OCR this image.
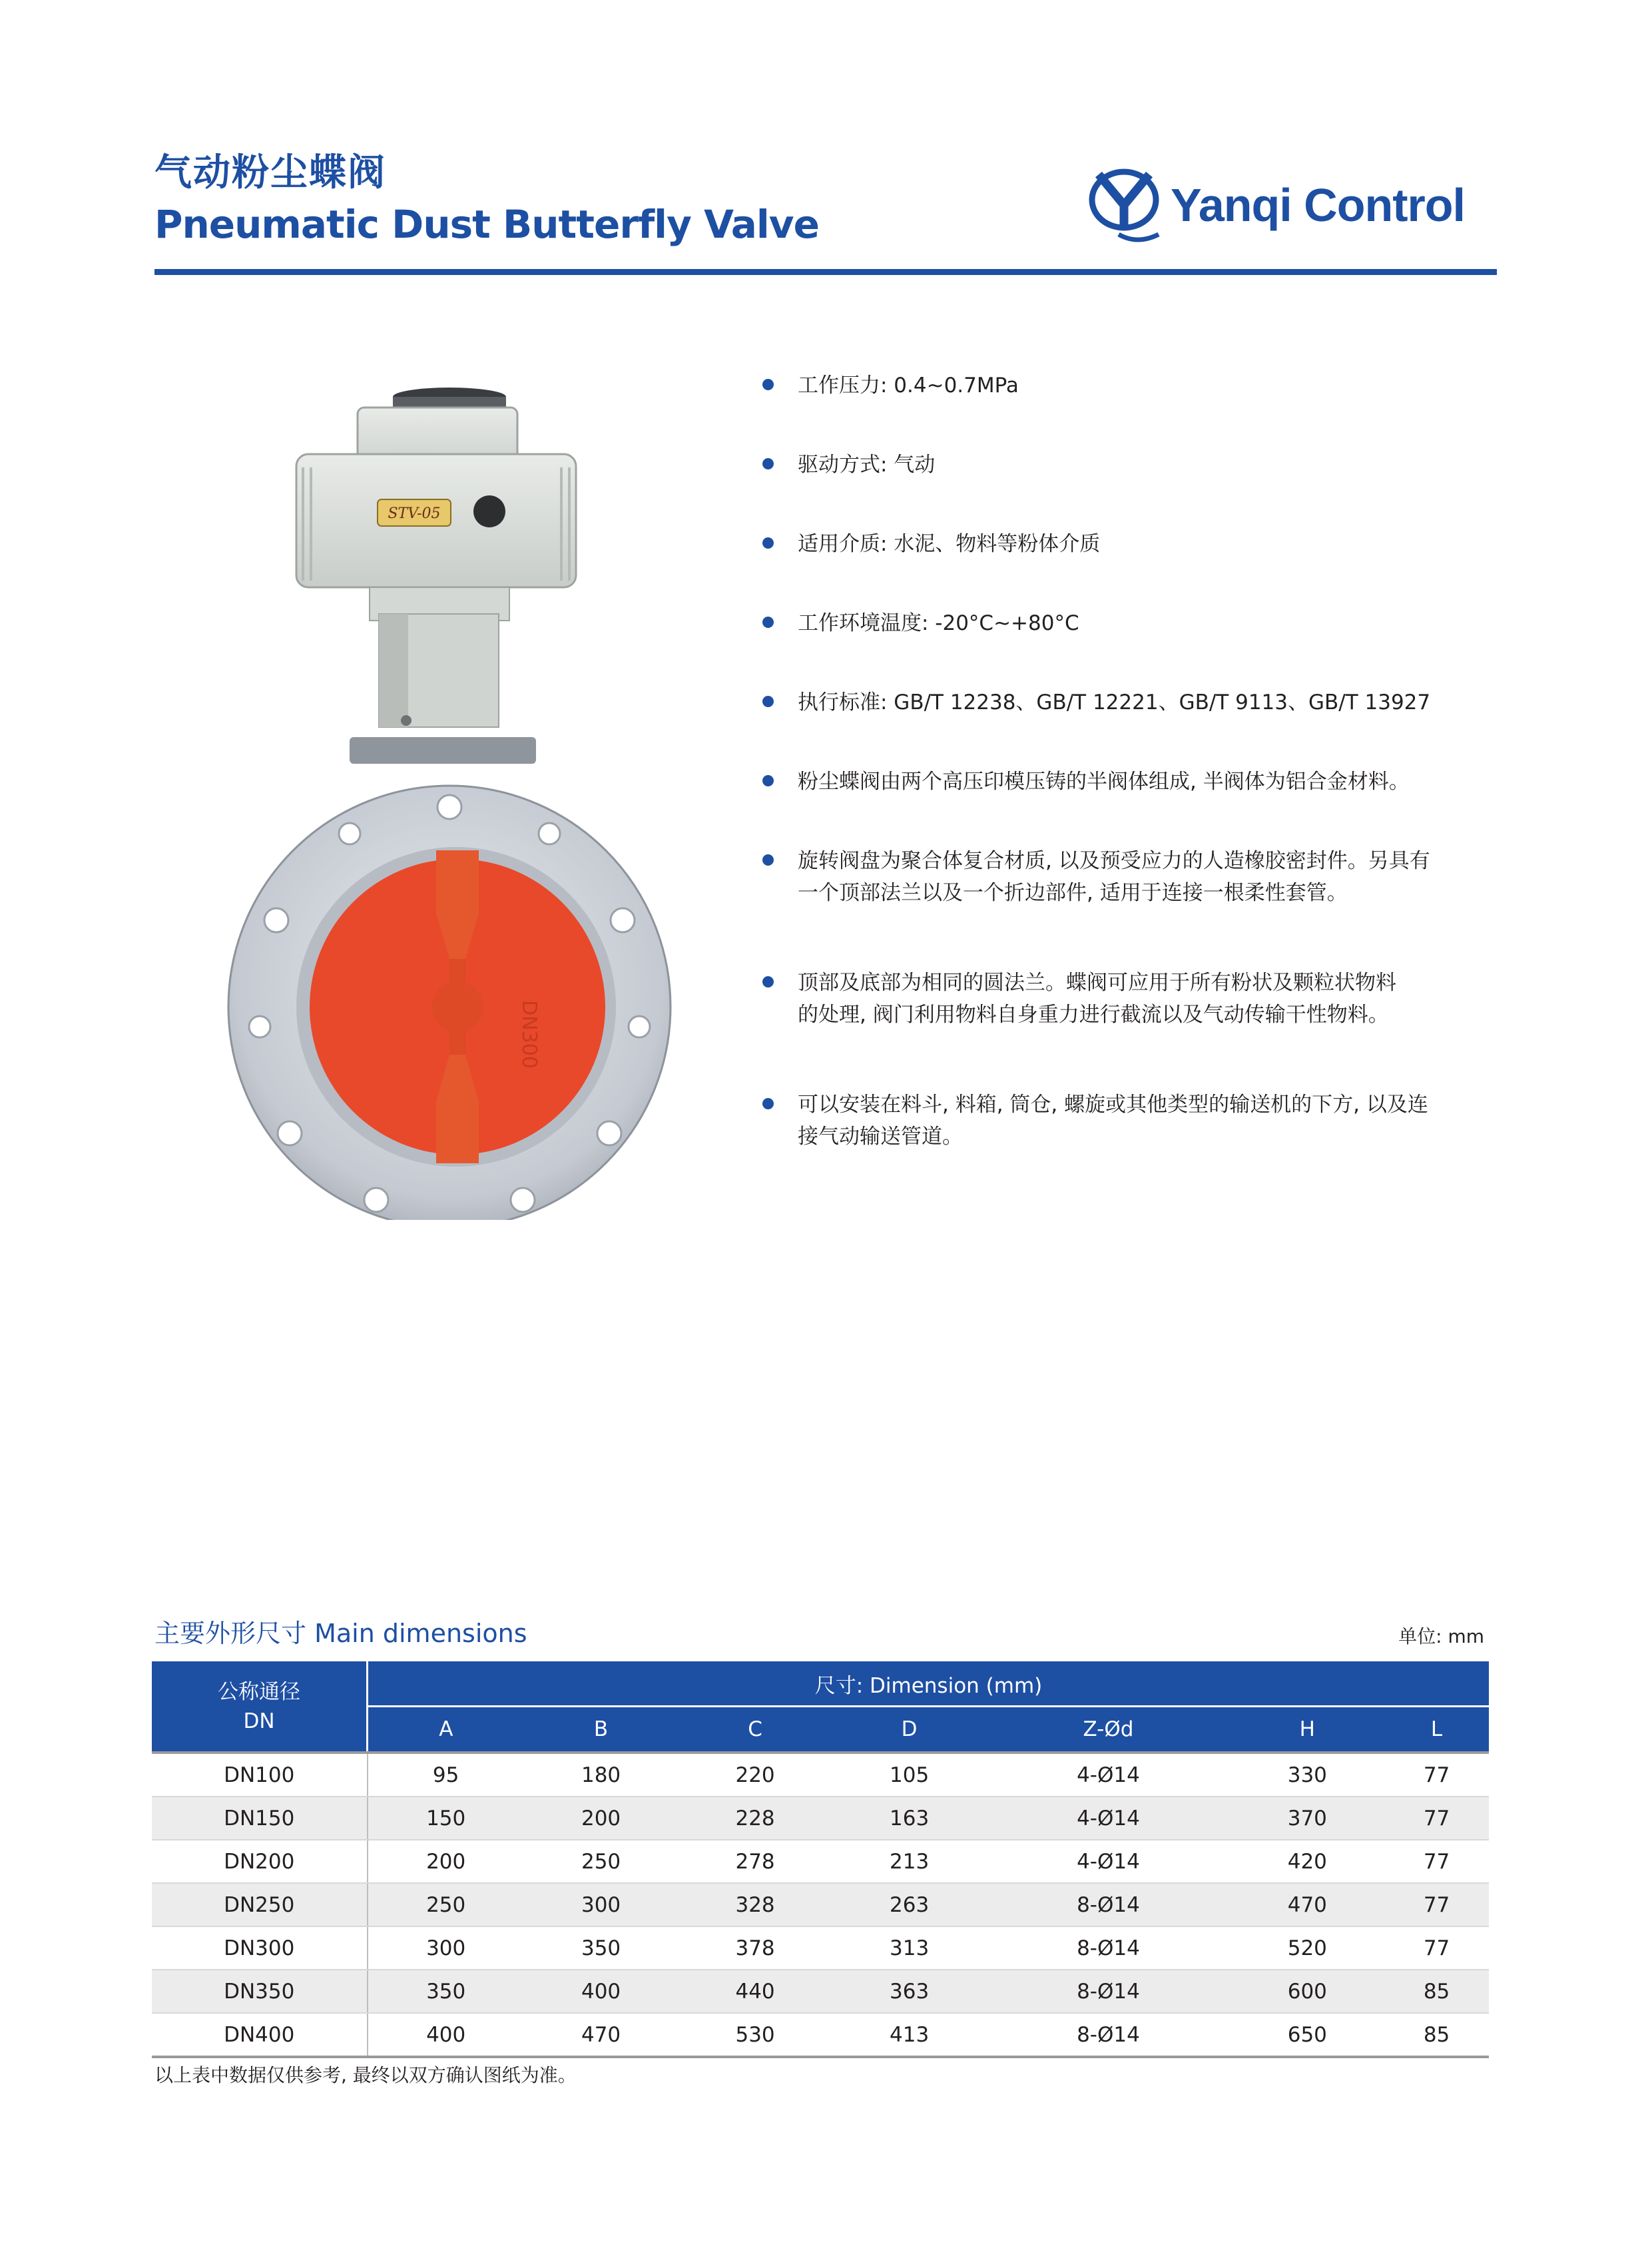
气动粉尘蝶阀
Pneumatic Dust Butterfly Valve	Yanqi Control
STV-05
DN300
工作压力: 0.4~0.7MPa
驱动方式: 气动
适用介质: 水泥、物料等粉体介质
工作环境温度: -20°C~+80°C
执行标准: GB/T 12238、GB/T 12221、GB/T 9113、GB/T 13927
粉尘蝶阀由两个高压印模压铸的半阀体组成, 半阀体为铝合金材料。
旋转阀盘为聚合体复合材质, 以及预受应力的人造橡胶密封件。另具有
一个顶部法兰以及一个折边部件, 适用于连接一根柔性套管。
顶部及底部为相同的圆法兰。蝶阀可应用于所有粉状及颗粒状物料
的处理, 阀门利用物料自身重力进行截流以及气动传输干性物料。
可以安装在料斗, 料箱, 筒仓, 螺旋或其他类型的输送机的下方, 以及连
接气动输送管道。
主要外形尺寸 Main dimensions	单位: mm
公称通径
DN	尺寸: Dimension (mm)						
	A	B	C	D	Z-Ød	H	L
DN100	95	180	220	105	4-Ø14	330	77
DN150	150	200	228	163	4-Ø14	370	77
DN200	200	250	278	213	4-Ø14	420	77
DN250	250	300	328	263	8-Ø14	470	77
DN300	300	350	378	313	8-Ø14	520	77
DN350	350	400	440	363	8-Ø14	600	85
DN400	400	470	530	413	8-Ø14	650	85
以上表中数据仅供参考, 最终以双方确认图纸为准。
